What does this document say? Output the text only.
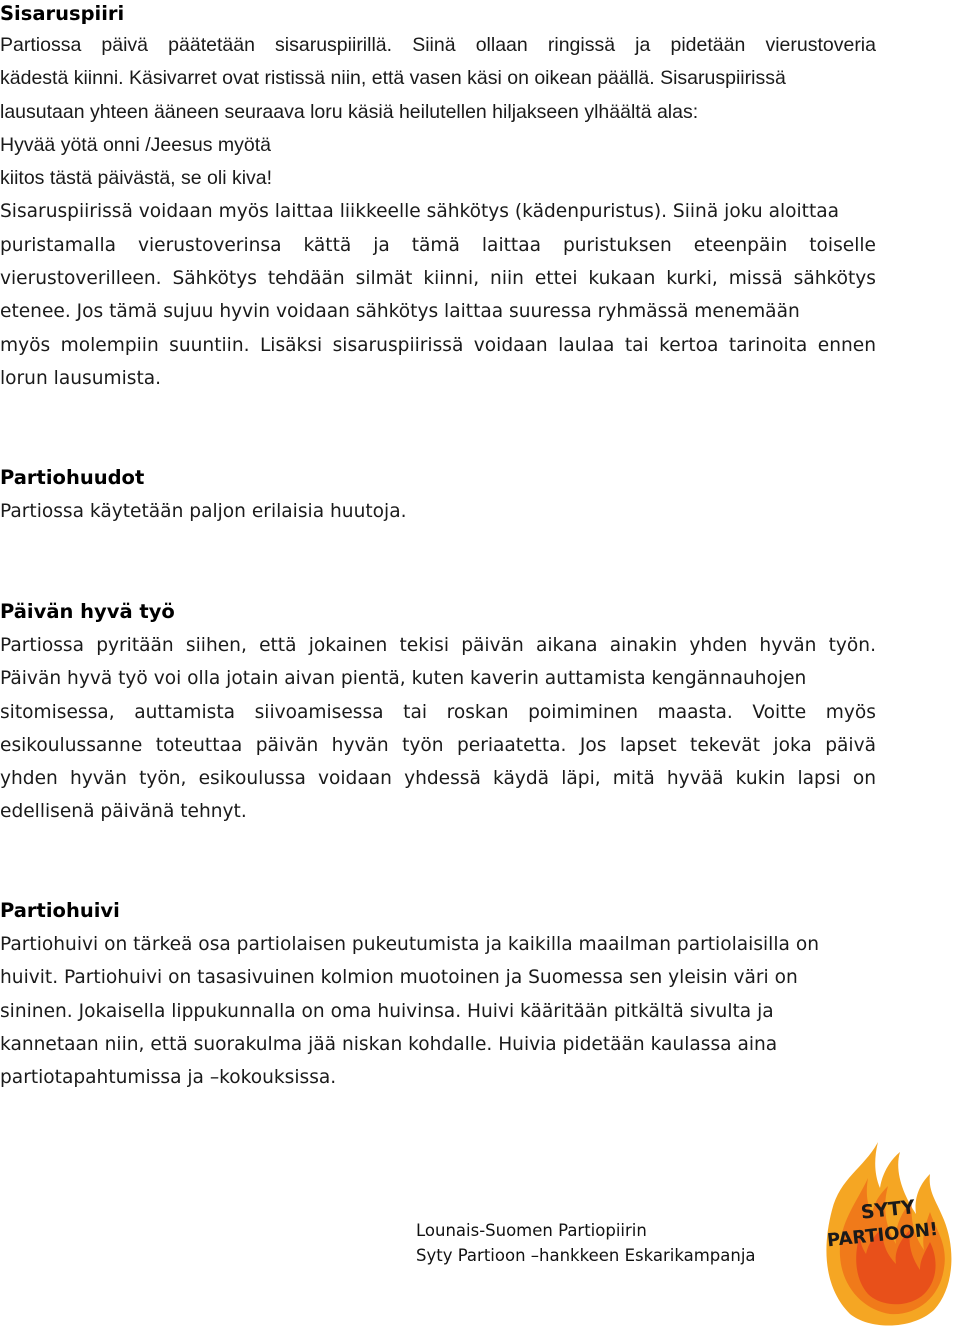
Sisaruspiiri
Partiossa päivä päätetään sisaruspiirillä. Siinä ollaan ringissä ja pidetään vierustoveria
kädestä kiinni. Käsivarret ovat ristissä niin, että vasen käsi on oikean päällä. Sisaruspiirissä
lausutaan yhteen ääneen seuraava loru käsiä heilutellen hiljakseen ylhäältä alas:
Hyvää yötä onni /Jeesus myötä
kiitos tästä päivästä, se oli kiva!
Sisaruspiirissä voidaan myös laittaa liikkeelle sähkötys (kädenpuristus). Siinä joku aloittaa
puristamalla vierustoverinsa kättä ja tämä laittaa puristuksen eteenpäin toiselle
vierustoverilleen. Sähkötys tehdään silmät kiinni, niin ettei kukaan kurki, missä sähkötys
etenee. Jos tämä sujuu hyvin voidaan sähkötys laittaa suuressa ryhmässä menemään
myös molempiin suuntiin. Lisäksi sisaruspiirissä voidaan laulaa tai kertoa tarinoita ennen
lorun lausumista.
Partiohuudot
Partiossa käytetään paljon erilaisia huutoja.
Päivän hyvä työ
Partiossa pyritään siihen, että jokainen tekisi päivän aikana ainakin yhden hyvän työn.
Päivän hyvä työ voi olla jotain aivan pientä, kuten kaverin auttamista kengännauhojen
sitomisessa, auttamista siivoamisessa tai roskan poimiminen maasta. Voitte myös
esikoulussanne toteuttaa päivän hyvän työn periaatetta. Jos lapset tekevät joka päivä
yhden hyvän työn, esikoulussa voidaan yhdessä käydä läpi, mitä hyvää kukin lapsi on
edellisenä päivänä tehnyt.
Partiohuivi
Partiohuivi on tärkeä osa partiolaisen pukeutumista ja kaikilla maailman partiolaisilla on
huivit. Partiohuivi on tasasivuinen kolmion muotoinen ja Suomessa sen yleisin väri on
sininen. Jokaisella lippukunnalla on oma huivinsa. Huivi kääritään pitkältä sivulta ja
kannetaan niin, että suorakulma jää niskan kohdalle. Huivia pidetään kaulassa aina
partiotapahtumissa ja –kokouksissa.
Lounais-Suomen Partiopiirin
Syty Partioon –hankkeen Eskarikampanja
SYTY
PARTIOON!
